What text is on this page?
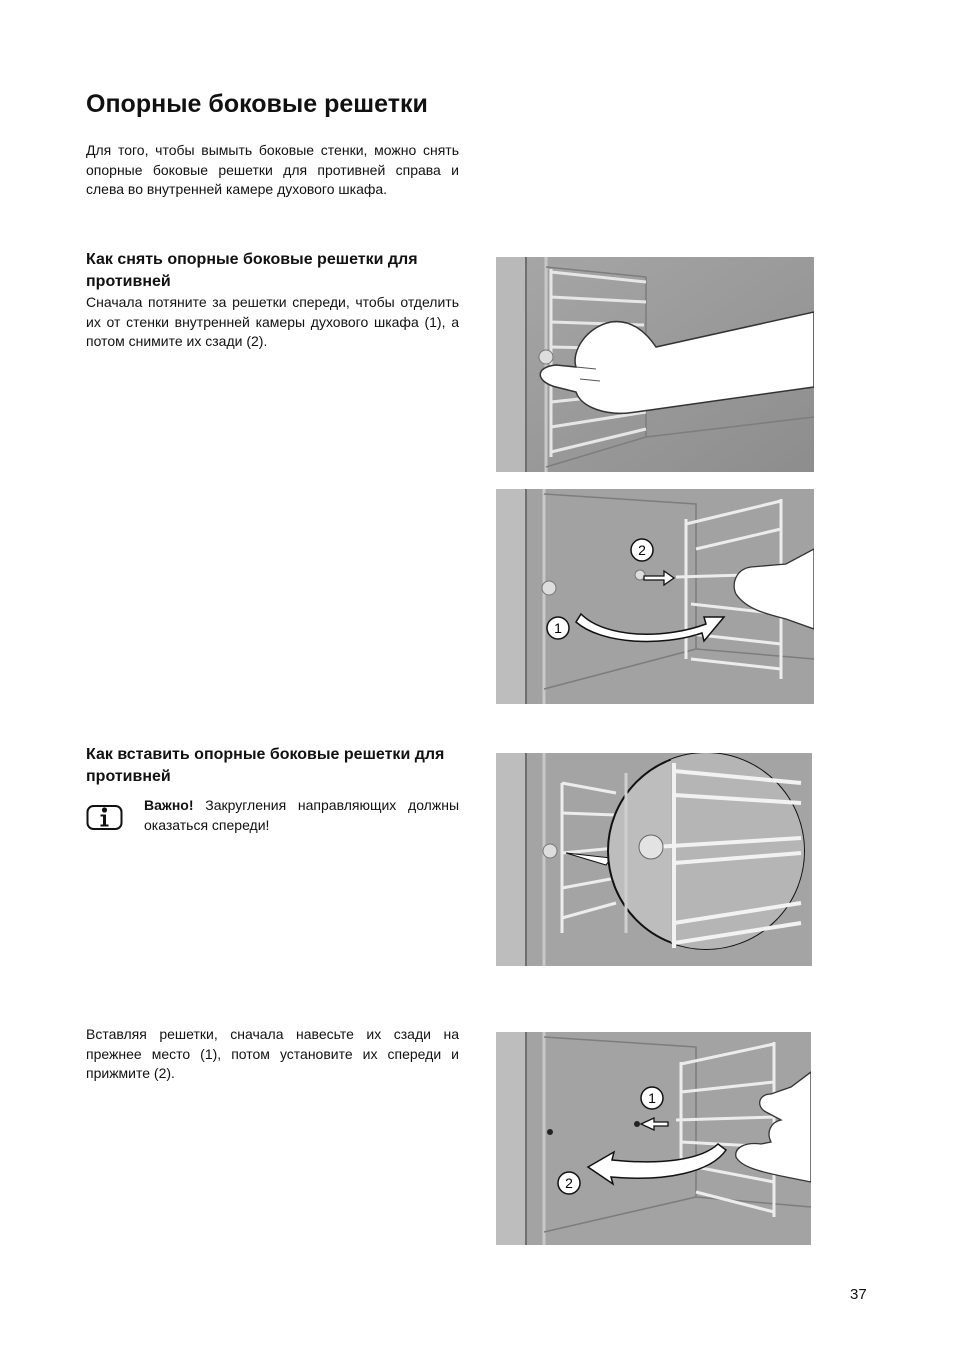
Опорные боковые решетки

Для того, чтобы вымыть боковые стенки, можно снять опорные боковые решетки для противней справа и слева во внутренней камере духового шкафа.

Как снять опорные боковые решетки для противней

Сначала потяните за решетки спереди, чтобы отделить их от стенки внутренней камеры духового шкафа (1), а потом снимите их сзади (2).

Как вставить опорные боковые решетки для противней

Важно! Закругления направляющих должны оказаться спереди!

Вставляя решетки, сначала навесьте их сзади на прежнее место (1), потом установите их спереди и прижмите (2).

2
1
1
2
37
